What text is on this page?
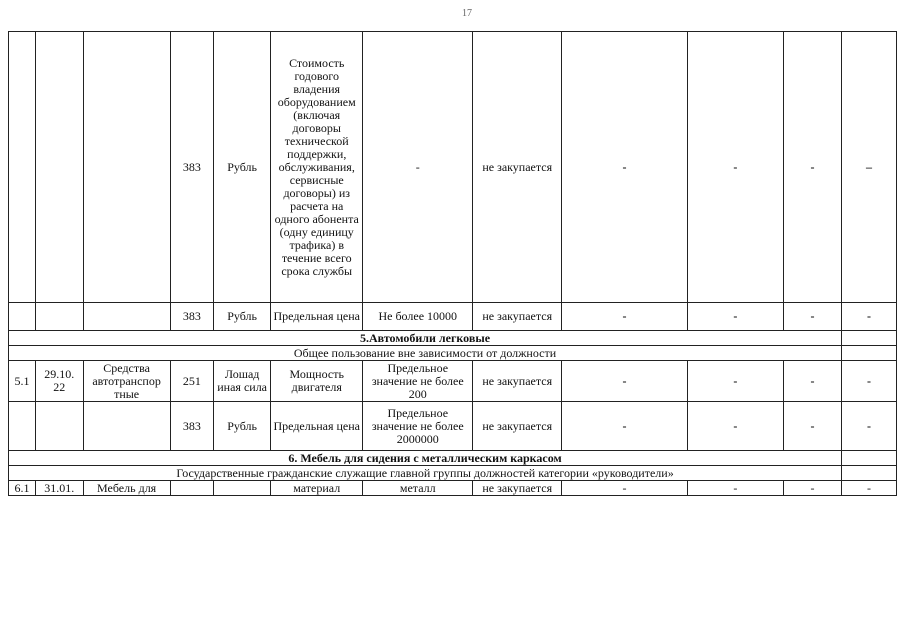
17
			383	Рубль	Стоимость годового владения оборудованием (включая договоры технической поддержки, обслуживания, сервисные договоры) из расчета на одного абонента (одну единицу трафика) в течение всего срока службы	-	не закупается	-	-	-	–
			383	Рубль	Предельная цена	Не более 10000	не закупается	-	-	-	-
5.Автомобили легковые											
Общее пользование вне зависимости от должности											
5.1	29.10. 22	Средства автотранспор тные	251	Лошад иная сила	Мощность двигателя	Предельное значение не более 200	не закупается	-	-	-	-
			383	Рубль	Предельная цена	Предельное значение не более 2000000	не закупается	-	-	-	-
6. Мебель для сидения с металлическим каркасом											
Государственные гражданские служащие главной группы должностей категории «руководители»											
6.1	31.01.	Мебель для			материал	металл	не закупается	-	-	-	-
